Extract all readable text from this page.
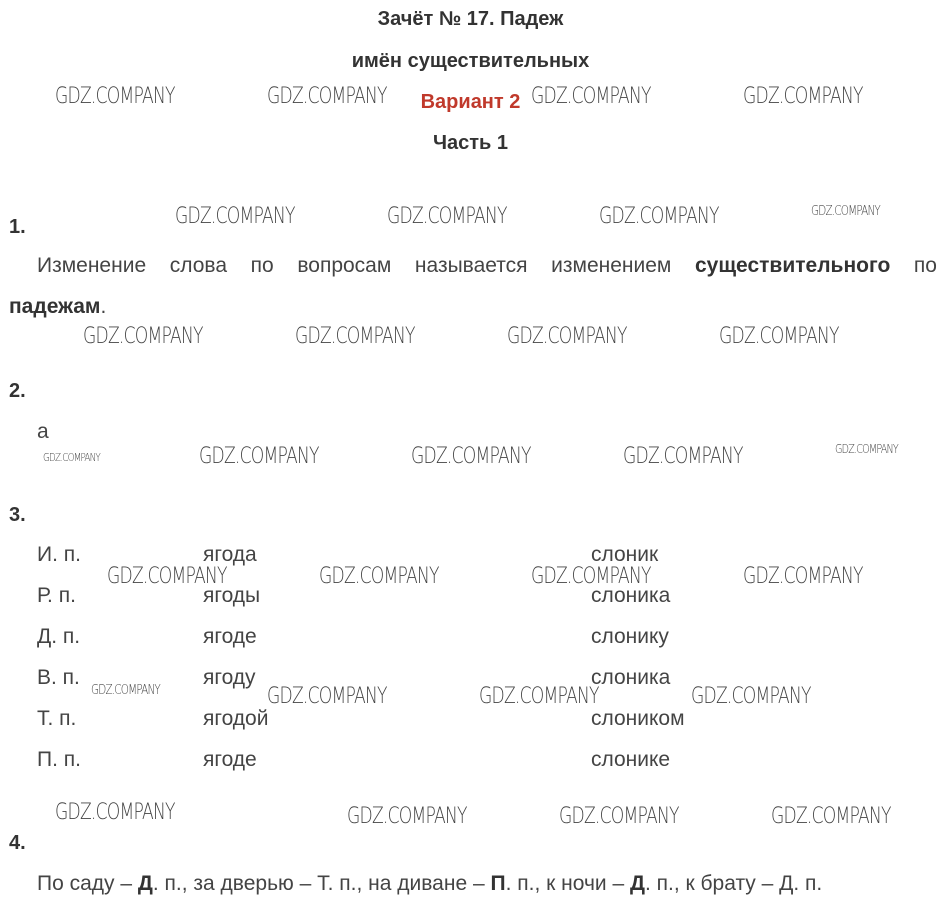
Зачёт № 17. Падеж
имён существительных
Вариант 2
Часть 1
GDZ.COMPANY	GDZ.COMPANY	GDZ.COMPANY	GDZ.COMPANY
GDZ.COMPANY	GDZ.COMPANY	GDZ.COMPANY	GDZ.COMPANY
GDZ.COMPANY	GDZ.COMPANY	GDZ.COMPANY	GDZ.COMPANY
GDZ.COMPANY	GDZ.COMPANY	GDZ.COMPANY	GDZ.COMPANY	GDZ.COMPANY
GDZ.COMPANY	GDZ.COMPANY	GDZ.COMPANY	GDZ.COMPANY
GDZ.COMPANY	GDZ.COMPANY	GDZ.COMPANY	GDZ.COMPANY
GDZ.COMPANY	GDZ.COMPANY	GDZ.COMPANY	GDZ.COMPANY
1.
Изменение слова по вопросам называется изменением существительного по
падежам.
2.
а
3.
И. п.	ягода	слоник
Р. п.	ягоды	слоника
Д. п.	ягоде	слонику
В. п.	ягоду	слоника
Т. п.	ягодой	слоником
П. п.	ягоде	слонике
4.
По саду – Д. п., за дверью – Т. п., на диване – П. п., к ночи – Д. п., к брату – Д. п.
